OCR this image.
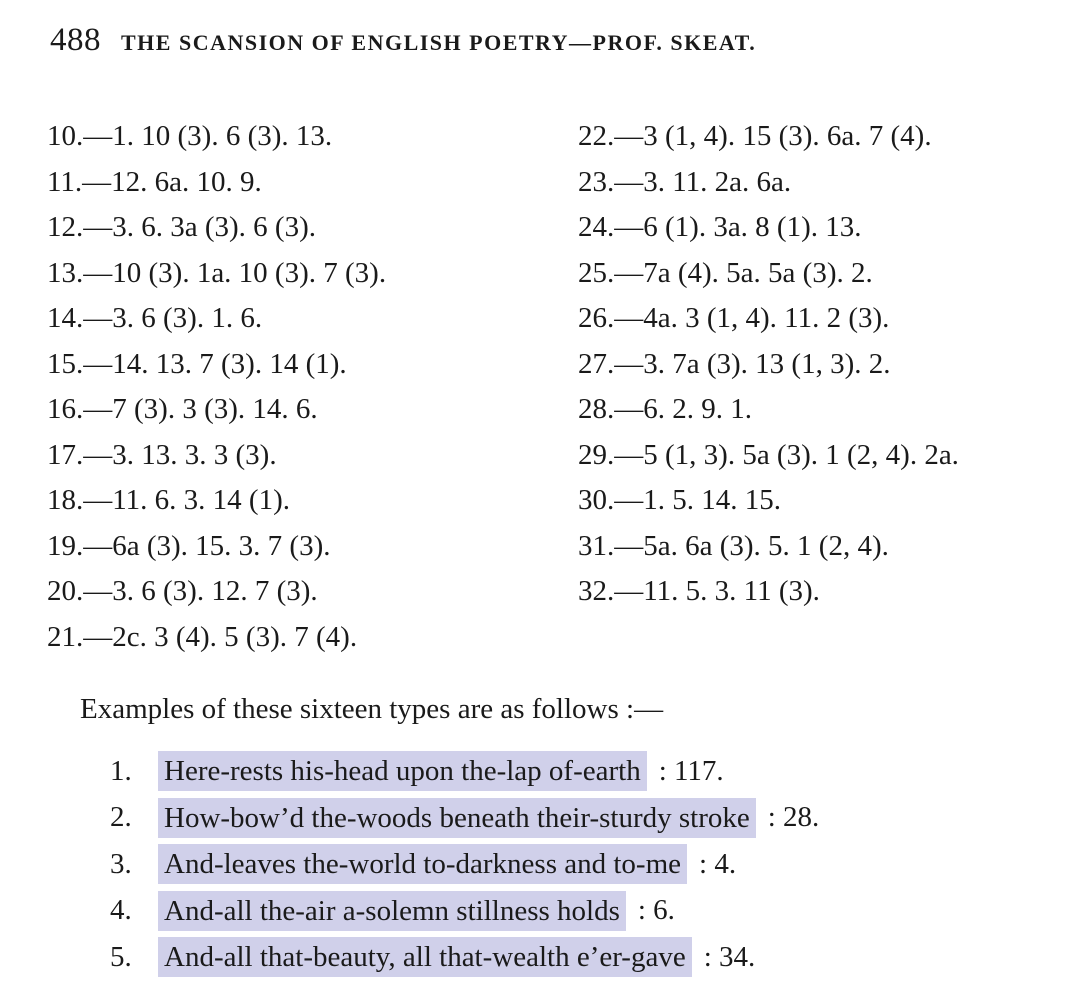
488 THE SCANSION OF ENGLISH POETRY—PROF. SKEAT.
10.—1. 10 (3). 6 (3). 13.
11.—12. 6a. 10. 9.
12.—3. 6. 3a (3). 6 (3).
13.—10 (3). 1a. 10 (3). 7 (3).
14.—3. 6 (3). 1. 6.
15.—14. 13. 7 (3). 14 (1).
16.—7 (3). 3 (3). 14. 6.
17.—3. 13. 3. 3 (3).
18.—11. 6. 3. 14 (1).
19.—6a (3). 15. 3. 7 (3).
20.—3. 6 (3). 12. 7 (3).
21.—2c. 3 (4). 5 (3). 7 (4).
22.—3 (1, 4). 15 (3). 6a. 7 (4).
23.—3. 11. 2a. 6a.
24.—6 (1). 3a. 8 (1). 13.
25.—7a (4). 5a. 5a (3). 2.
26.—4a. 3 (1, 4). 11. 2 (3).
27.—3. 7a (3). 13 (1, 3). 2.
28.—6. 2. 9. 1.
29.—5 (1, 3). 5a (3). 1 (2, 4). 2a.
30.—1. 5. 14. 15.
31.—5a. 6a (3). 5. 1 (2, 4).
32.—11. 5. 3. 11 (3).
Examples of these sixteen types are as follows :—
1.	Here-rests his-head upon the-lap of-earth : 117.
2.	How-bow’d the-woods beneath their-sturdy stroke : 28.
3.	And-leaves the-world to-darkness and to-me : 4.
4.	And-all the-air a-solemn stillness holds : 6.
5.	And-all that-beauty, all that-wealth e’er-gave : 34.
